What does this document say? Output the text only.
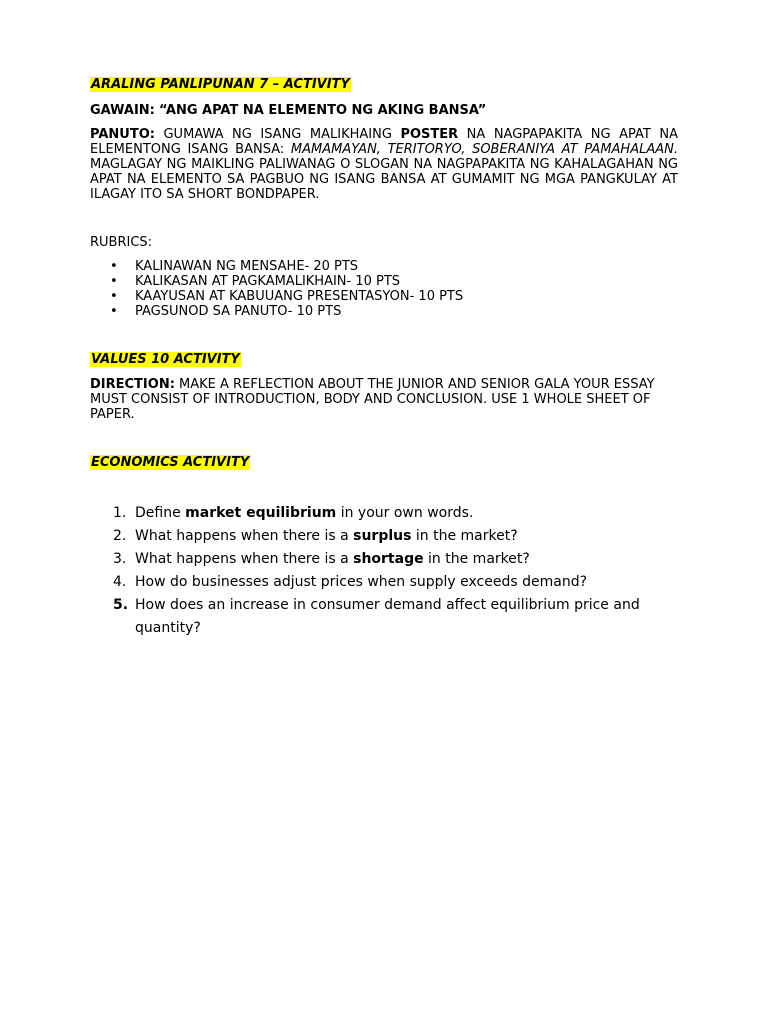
ARALING PANLIPUNAN 7 – ACTIVITY
GAWAIN: “ANG APAT NA ELEMENTO NG AKING BANSA”
PANUTO: GUMAWA NG ISANG MALIKHAING POSTER NA NAGPAPAKITA NG APAT NA ELEMENTONG ISANG BANSA: MAMAMAYAN, TERITORYO, SOBERANIYA AT PAMAHALAAN. MAGLAGAY NG MAIKLING PALIWANAG O SLOGAN NA NAGPAPAKITA NG KAHALAGAHAN NG APAT NA ELEMENTO SA PAGBUO NG ISANG BANSA AT GUMAMIT NG MGA PANGKULAY AT ILAGAY ITO SA SHORT BONDPAPER.
RUBRICS:
• KALINAWAN NG MENSAHE- 20 PTS
• KALIKASAN AT PAGKAMALIKHAIN- 10 PTS
• KAAYUSAN AT KABUUANG PRESENTASYON- 10 PTS
• PAGSUNOD SA PANUTO- 10 PTS
VALUES 10 ACTIVITY
DIRECTION: MAKE A REFLECTION ABOUT THE JUNIOR AND SENIOR GALA YOUR ESSAY MUST CONSIST OF INTRODUCTION, BODY AND CONCLUSION. USE 1 WHOLE SHEET OF PAPER.
ECONOMICS ACTIVITY
1. Define market equilibrium in your own words.
2. What happens when there is a surplus in the market?
3. What happens when there is a shortage in the market?
4. How do businesses adjust prices when supply exceeds demand?
5. How does an increase in consumer demand affect equilibrium price and quantity?
